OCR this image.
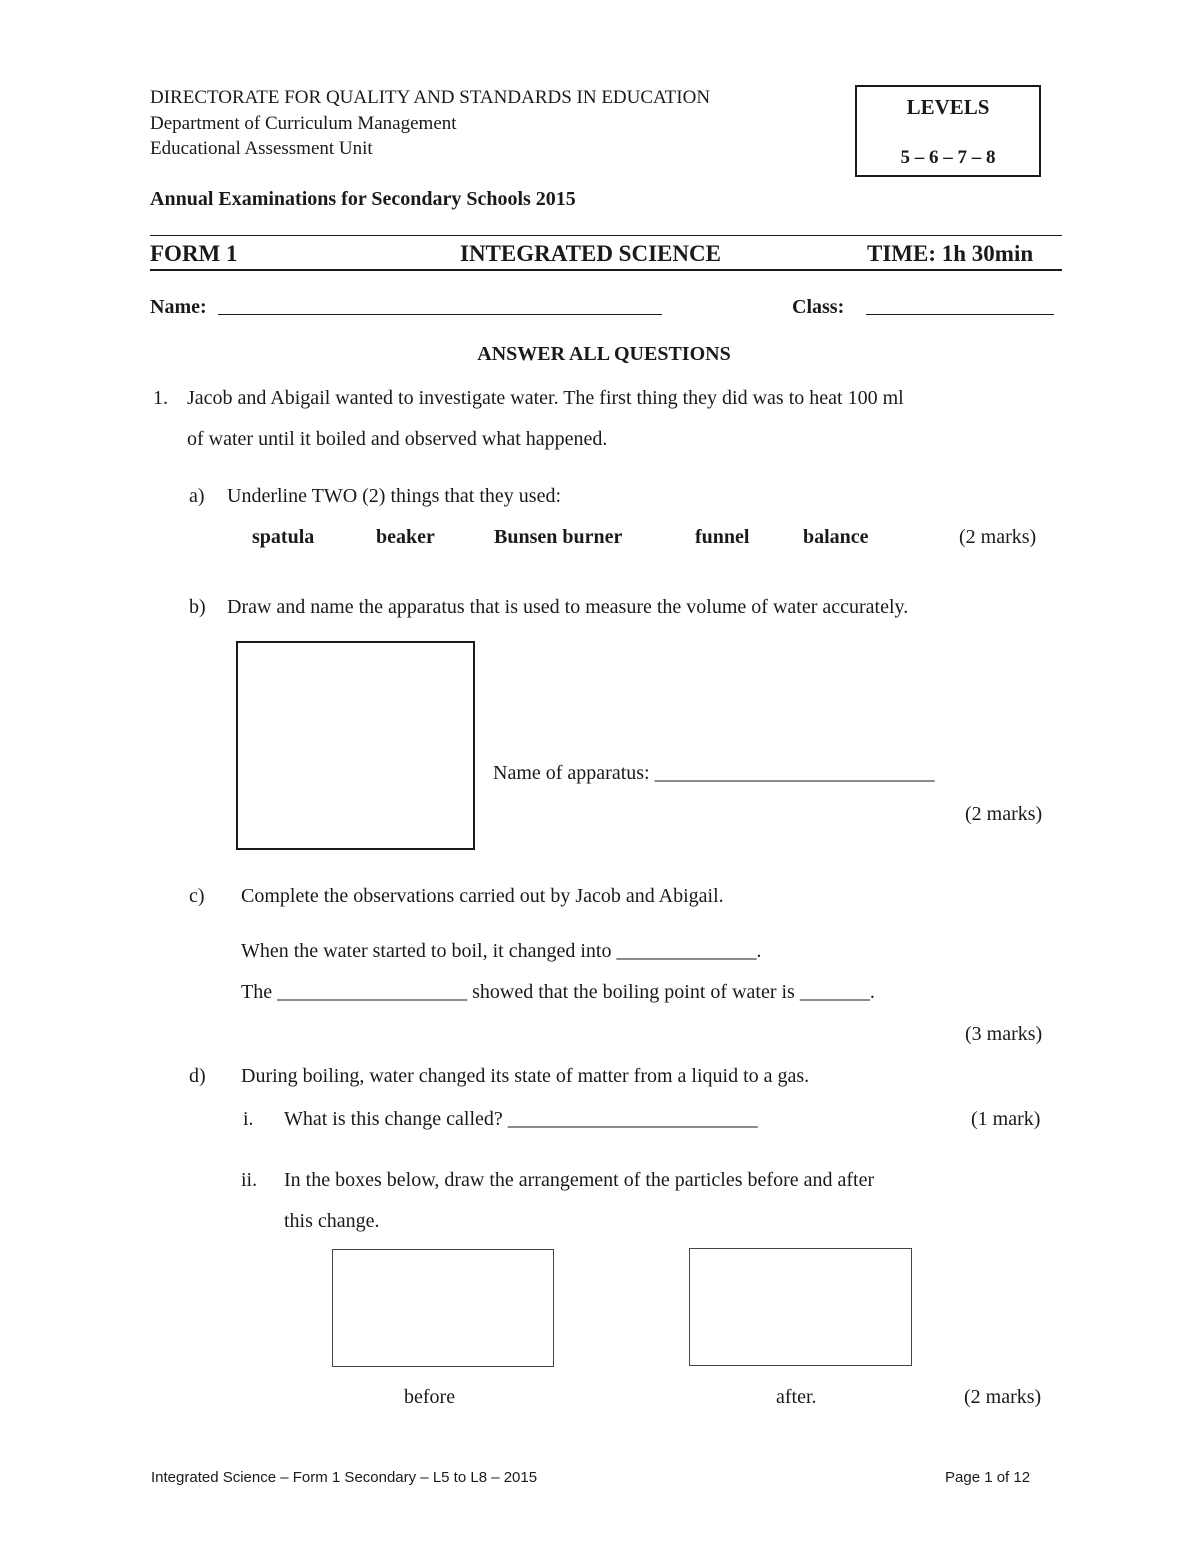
DIRECTORATE FOR QUALITY AND STANDARDS IN EDUCATION
Department of Curriculum Management
Educational Assessment Unit
LEVELS
5 – 6 – 7 – 8
Annual Examinations for Secondary Schools 2015
FORM 1	INTEGRATED SCIENCE	TIME: 1h 30min
Name:	Class:
ANSWER ALL QUESTIONS
1. Jacob and Abigail wanted to investigate water. The first thing they did was to heat 100 ml
of water until it boiled and observed what happened.
a) Underline TWO (2) things that they used:
spatula	beaker	Bunsen burner	funnel	balance	(2 marks)
b) Draw and name the apparatus that is used to measure the volume of water accurately.
Name of apparatus: ____________________________
(2 marks)
c) Complete the observations carried out by Jacob and Abigail.
When the water started to boil, it changed into ______________.
The ___________________ showed that the boiling point of water is _______.
(3 marks)
d) During boiling, water changed its state of matter from a liquid to a gas.
i. What is this change called? _________________________	(1 mark)
ii. In the boxes below, draw the arrangement of the particles before and after
this change.
before	after.	(2 marks)
Integrated Science – Form 1 Secondary – L5 to L8 – 2015	Page 1 of 12
